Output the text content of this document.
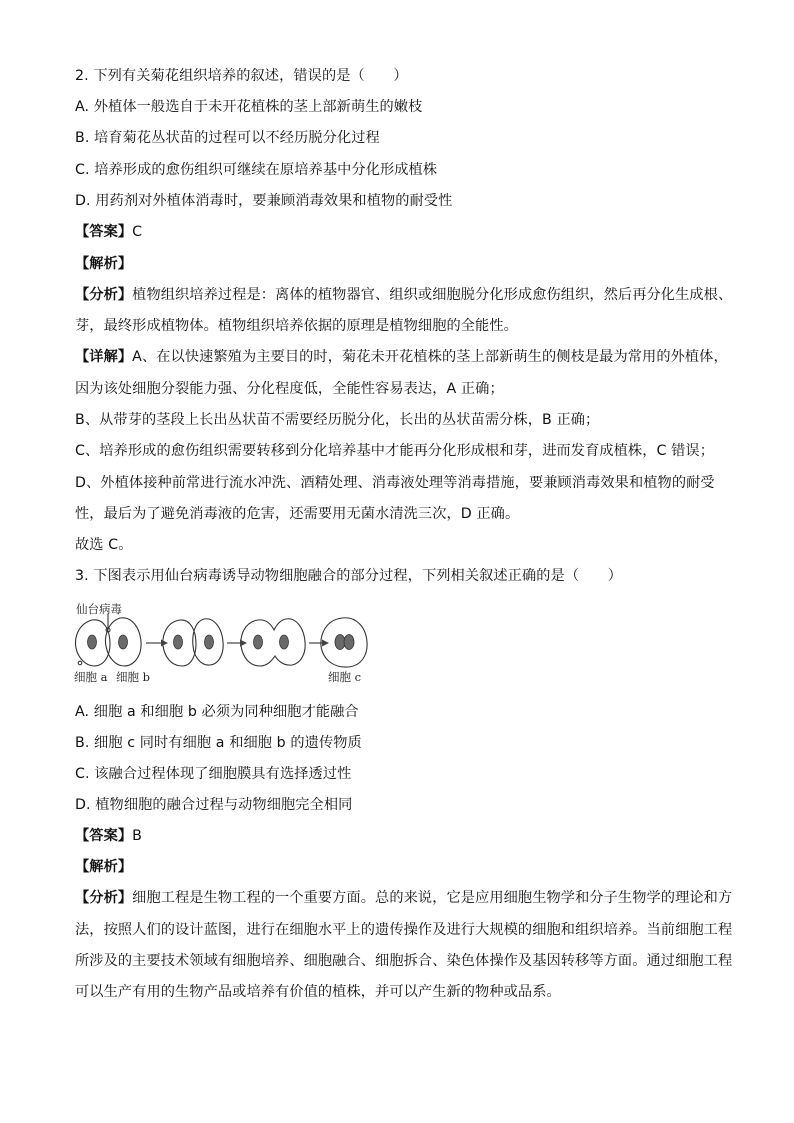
2. 下列有关菊花组织培养的叙述，错误的是（　　）
A. 外植体一般选自于未开花植株的茎上部新萌生的嫩枝
B. 培育菊花丛状苗的过程可以不经历脱分化过程
C. 培养形成的愈伤组织可继续在原培养基中分化形成植株
D. 用药剂对外植体消毒时，要兼顾消毒效果和植物的耐受性
【答案】C
【解析】
【分析】植物组织培养过程是：离体的植物器官、组织或细胞脱分化形成愈伤组织，然后再分化生成根、
芽，最终形成植物体。植物组织培养依据的原理是植物细胞的全能性。
【详解】A、在以快速繁殖为主要目的时，菊花未开花植株的茎上部新萌生的侧枝是最为常用的外植体，
因为该处细胞分裂能力强、分化程度低，全能性容易表达，A 正确；
B、从带芽的茎段上长出丛状苗不需要经历脱分化，长出的丛状苗需分株，B 正确；
C、培养形成的愈伤组织需要转移到分化培养基中才能再分化形成根和芽，进而发育成植株，C 错误；
D、外植体接种前常进行流水冲洗、酒精处理、消毒液处理等消毒措施，要兼顾消毒效果和植物的耐受
性，最后为了避免消毒液的危害，还需要用无菌水清洗三次，D 正确。
故选 C。
3. 下图表示用仙台病毒诱导动物细胞融合的部分过程，下列相关叙述正确的是（　　）
仙台病毒
细胞 a 细胞 b	细胞 c
A. 细胞 a 和细胞 b 必须为同种细胞才能融合
B. 细胞 c 同时有细胞 a 和细胞 b 的遗传物质
C. 该融合过程体现了细胞膜具有选择透过性
D. 植物细胞的融合过程与动物细胞完全相同
【答案】B
【解析】
【分析】细胞工程是生物工程的一个重要方面。总的来说，它是应用细胞生物学和分子生物学的理论和方
法，按照人们的设计蓝图，进行在细胞水平上的遗传操作及进行大规模的细胞和组织培养。当前细胞工程
所涉及的主要技术领域有细胞培养、细胞融合、细胞拆合、染色体操作及基因转移等方面。通过细胞工程
可以生产有用的生物产品或培养有价值的植株，并可以产生新的物种或品系。
